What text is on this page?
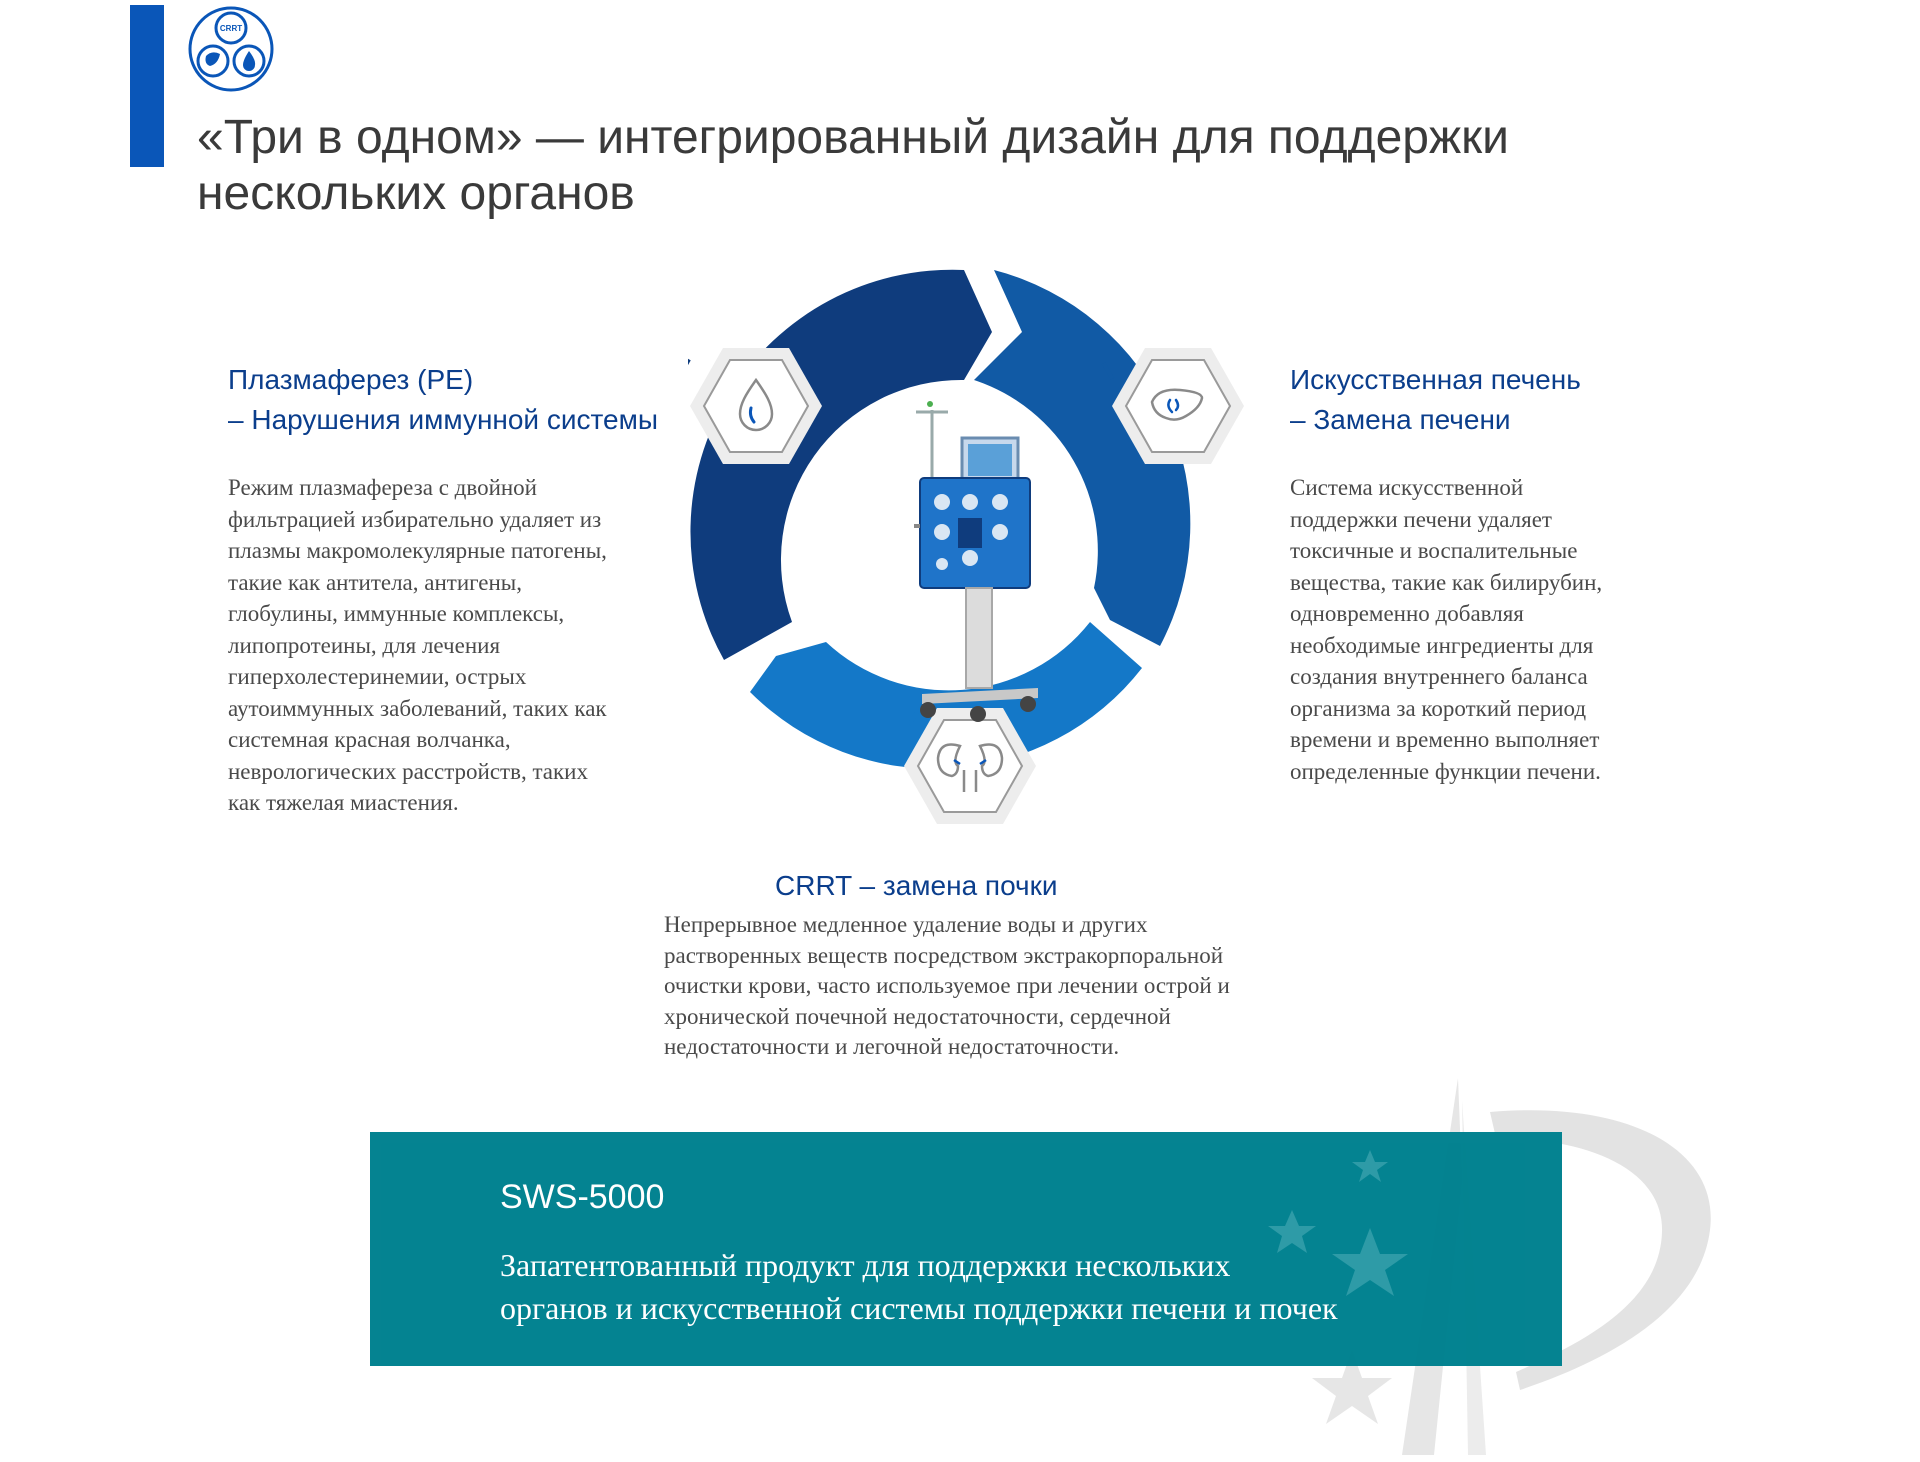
CRRT
«Три в одном» — интегрированный дизайн для поддержки
нескольких органов
Плазмаферез (PE)
– Нарушения иммунной системы
Режим плазмафереза с двойной
фильтрацией избирательно удаляет из
плазмы макромолекулярные патогены,
такие как антитела, антигены,
глобулины, иммунные комплексы,
липопротеины, для лечения
гиперхолестеринемии, острых
аутоиммунных заболеваний, таких как
системная красная волчанка,
неврологических расстройств, таких
как тяжелая миастения.
Искусственная печень
– Замена печени
Система искусственной
поддержки печени удаляет
токсичные и воспалительные
вещества, такие как билирубин,
одновременно добавляя
необходимые ингредиенты для
создания внутреннего баланса
организма за короткий период
времени и временно выполняет
определенные функции печени.
CRRT – замена почки
Непрерывное медленное удаление воды и других
растворенных веществ посредством экстракорпоральной
очистки крови, часто используемое при лечении острой и
хронической почечной недостаточности, сердечной
недостаточности и легочной недостаточности.
SWS-5000

Запатентованный продукт для поддержки нескольких
органов и искусственной системы поддержки печени и почек
